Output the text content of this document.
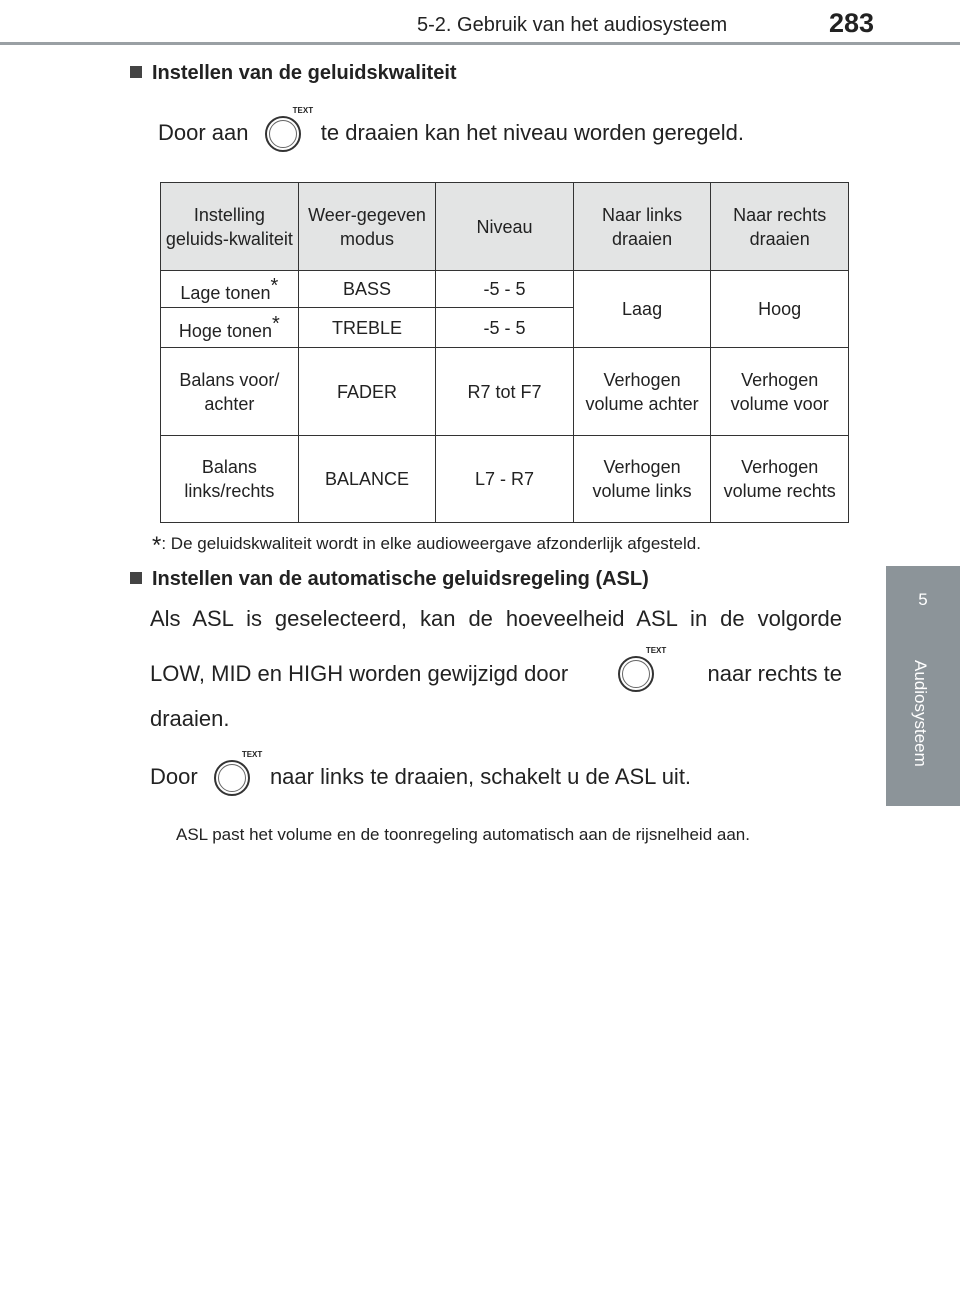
5-2. Gebruik van het audiosysteem	283
5
Audiosysteem
Instellen van de geluidskwaliteit
Door aan
TEXT
te draaien kan het niveau worden geregeld.
Instelling geluids-kwaliteit	Weer-gegeven modus	Niveau	Naar links draaien	Naar rechts draaien
Lage tonen*	BASS	-5 - 5	Laag	Hoog
Hoge tonen*	TREBLE	-5 - 5		
Balans voor/ achter	FADER	R7 tot F7	Verhogen volume achter	Verhogen volume voor
Balans links/rechts	BALANCE	L7 - R7	Verhogen volume links	Verhogen volume rechts
*: De geluidskwaliteit wordt in elke audioweergave afzonderlijk afgesteld.
Instellen van de automatische geluidsregeling (ASL)
Als ASL is geselecteerd, kan de hoeveelheid ASL in de volgorde
LOW, MID en HIGH worden gewijzigd door
TEXT
naar rechts te
draaien.
Door
TEXT
naar links te draaien, schakelt u de ASL uit.
ASL past het volume en de toonregeling automatisch aan de rijsnelheid aan.
